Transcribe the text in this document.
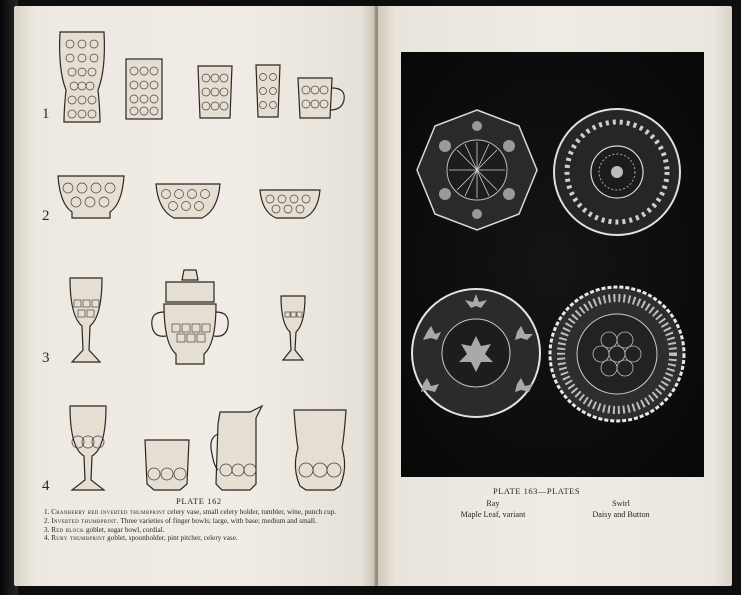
1
2
3
4
PLATE 162
1. Cranberry red inverted thumbprint celery vase, small celery holder, tumbler, wine, punch cup.
2. Inverted thumbprint. Three varieties of finger bowls; large, with base; medium and small.
3. Red block goblet, sugar bowl, cordial.
4. Ruby thumbprint goblet, spoonholder, pint pitcher, celery vase.
PLATE 163—PLATES
Ray
Maple Leaf, variant
Swirl
Daisy and Button
